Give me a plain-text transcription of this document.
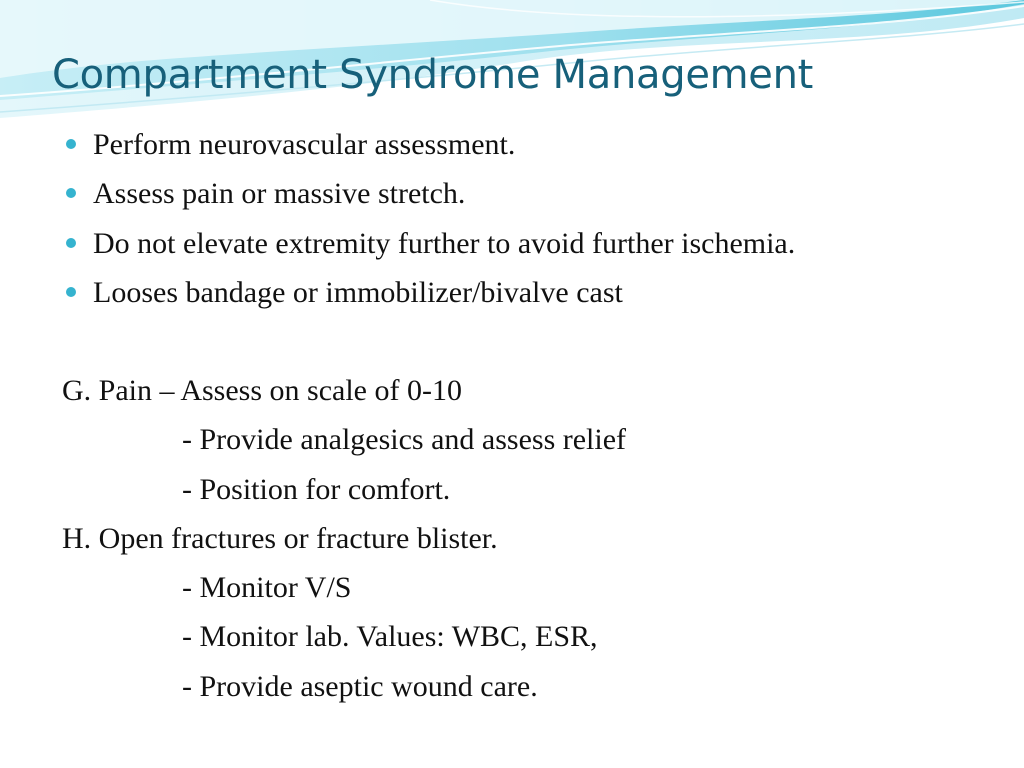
Compartment Syndrome Management
Perform neurovascular assessment.
Assess pain or massive stretch.
Do not elevate extremity further to avoid further ischemia.
Looses bandage or immobilizer/bivalve cast
G. Pain – Assess on scale of 0-10
- Provide analgesics and assess relief
- Position for comfort.
H. Open fractures or fracture blister.
- Monitor V/S
- Monitor lab. Values: WBC, ESR,
- Provide aseptic wound care.
